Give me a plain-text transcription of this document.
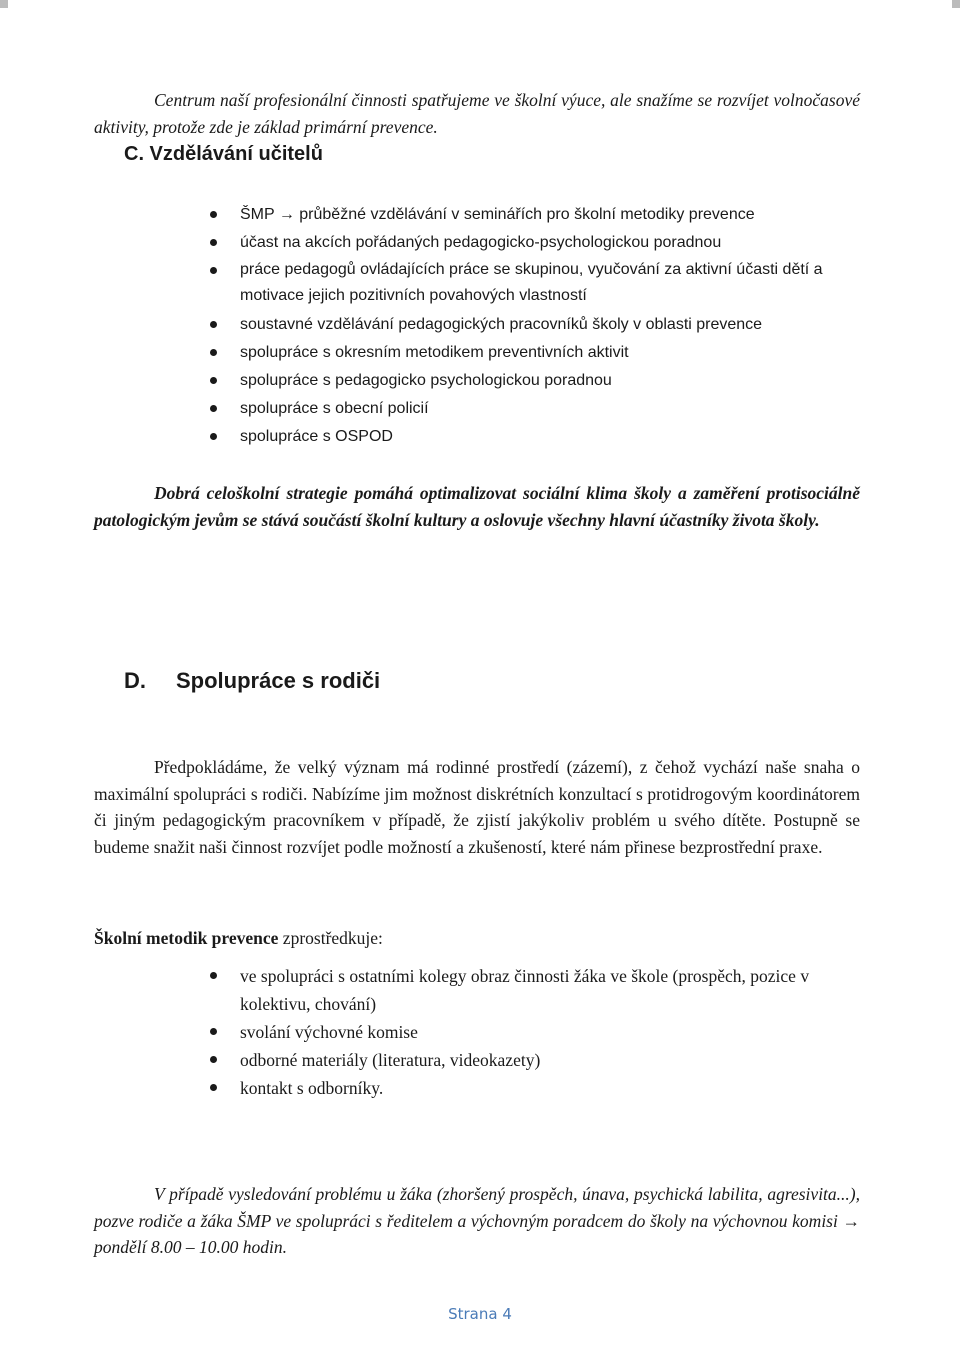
Centrum naší profesionální činnosti spatřujeme ve školní výuce, ale snažíme se rozvíjet volnočasové aktivity, protože zde je základ primární prevence.

C. Vzdělávání učitelů
ŠMP → průběžné vzdělávání v seminářích pro školní metodiky prevence
účast na akcích pořádaných pedagogicko-psychologickou poradnou
práce pedagogů ovládajících práce se skupinou, vyučování za aktivní účasti dětí a motivace jejich pozitivních povahových vlastností
soustavné vzdělávání pedagogických pracovníků školy v oblasti prevence
spolupráce s okresním metodikem preventivních aktivit
spolupráce s pedagogicko psychologickou poradnou
spolupráce s obecní policií
spolupráce s OSPOD

Dobrá celoškolní strategie pomáhá optimalizovat sociální klima školy a zaměření protisociálně patologickým jevům se stává součástí školní kultury a oslovuje všechny hlavní účastníky života školy.

D. Spolupráce s rodiči

Předpokládáme, že velký význam má rodinné prostředí (zázemí), z čehož vychází naše snaha o maximální spolupráci s rodiči. Nabízíme jim možnost diskrétních konzultací s protidrogovým koordinátorem či jiným pedagogickým pracovníkem v případě, že zjistí jakýkoliv problém u svého dítěte. Postupně se budeme snažit naši činnost rozvíjet podle možností a zkušeností, které nám přinese bezprostřední praxe.

Školní metodik prevence zprostředkuje:

ve spolupráci s ostatními kolegy obraz činnosti žáka ve škole (prospěch, pozice v kolektivu, chování)
svolání výchovné komise
odborné materiály (literatura, videokazety)
kontakt s odborníky.

V případě vysledování problému u žáka (zhoršený prospěch, únava, psychická labilita, agresivita...), pozve rodiče a žáka ŠMP ve spolupráci s ředitelem a výchovným poradcem do školy na výchovnou komisi → pondělí 8.00 – 10.00 hodin.

Strana 4
